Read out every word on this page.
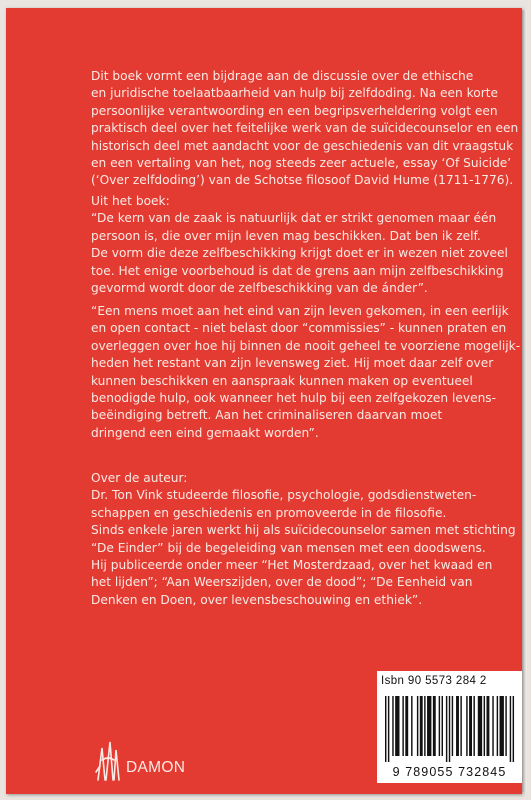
Dit boek vormt een bijdrage aan de discussie over de ethische
en juridische toelaatbaarheid van hulp bij zelfdoding. Na een korte
persoonlijke verantwoording en een begripsverheldering volgt een
praktisch deel over het feitelijke werk van de suïcidecounselor en een
historisch deel met aandacht voor de geschiedenis van dit vraagstuk
en een vertaling van het, nog steeds zeer actuele, essay ‘Of Suicide’
(‘Over zelfdoding’) van de Schotse filosoof David Hume (1711-1776).
Uit het boek:
“De kern van de zaak is natuurlijk dat er strikt genomen maar één
persoon is, die over mijn leven mag beschikken. Dat ben ik zelf.
De vorm die deze zelfbeschikking krijgt doet er in wezen niet zoveel
toe. Het enige voorbehoud is dat de grens aan mijn zelfbeschikking
gevormd wordt door de zelfbeschikking van de ánder”.
“Een mens moet aan het eind van zijn leven gekomen, in een eerlijk
en open contact - niet belast door “commissies” - kunnen praten en
overleggen over hoe hij binnen de nooit geheel te voorziene mogelijk-
heden het restant van zijn levensweg ziet. Hij moet daar zelf over
kunnen beschikken en aanspraak kunnen maken op eventueel
benodigde hulp, ook wanneer het hulp bij een zelfgekozen levens-
beëindiging betreft. Aan het criminaliseren daarvan moet
dringend een eind gemaakt worden”.
Over de auteur:
Dr. Ton Vink studeerde filosofie, psychologie, godsdienstweten-
schappen en geschiedenis en promoveerde in de filosofie.
Sinds enkele jaren werkt hij als suïcidecounselor samen met stichting
“De Einder” bij de begeleiding van mensen met een doodswens.
Hij publiceerde onder meer “Het Mosterdzaad, over het kwaad en
het lijden”; “Aan Weerszijden, over de dood”; “De Eenheid van
Denken en Doen, over levensbeschouwing en ethiek”.
Isbn 90 5573 284 2
9 789055 732845
DAMON
